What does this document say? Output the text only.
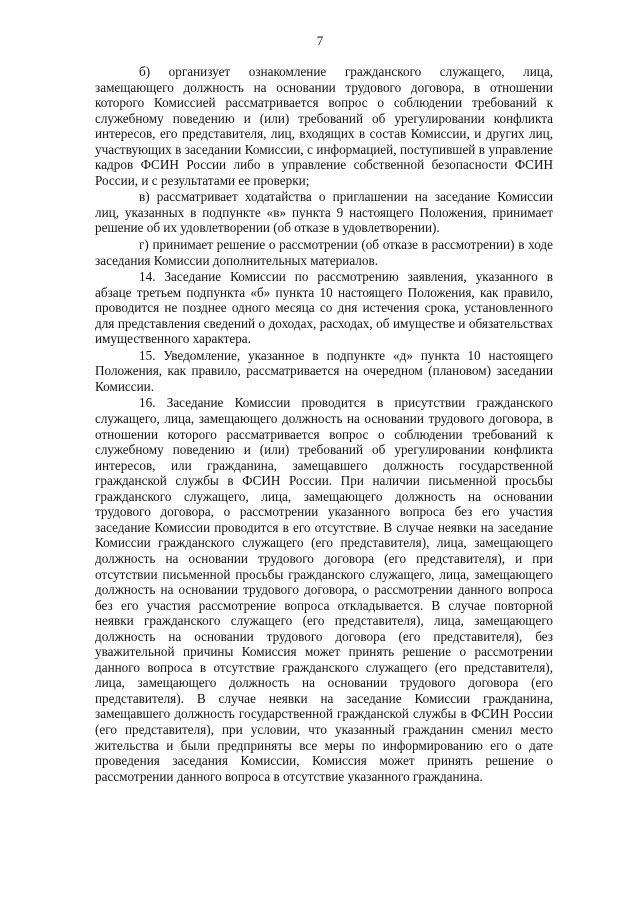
7

б) организует ознакомление гражданского служащего, лица, замещающего должность на основании трудового договора, в отношении которого Комиссией рассматривается вопрос о соблюдении требований к служебному поведению и (или) требований об урегулировании конфликта интересов, его представителя, лиц, входящих в состав Комиссии, и других лиц, участвующих в заседании Комиссии, с информацией, поступившей в управление кадров ФСИН России либо в управление собственной безопасности ФСИН России, и с результатами ее проверки;

в) рассматривает ходатайства о приглашении на заседание Комиссии лиц, указанных в подпункте «в» пункта 9 настоящего Положения, принимает решение об их удовлетворении (об отказе в удовлетворении).

г) принимает решение о рассмотрении (об отказе в рассмотрении) в ходе заседания Комиссии дополнительных материалов.

14. Заседание Комиссии по рассмотрению заявления, указанного в абзаце третьем подпункта «б» пункта 10 настоящего Положения, как правило, проводится не позднее одного месяца со дня истечения срока, установленного для представления сведений о доходах, расходах, об имуществе и обязательствах имущественного характера.

15. Уведомление, указанное в подпункте «д» пункта 10 настоящего Положения, как правило, рассматривается на очередном (плановом) заседании Комиссии.

16. Заседание Комиссии проводится в присутствии гражданского служащего, лица, замещающего должность на основании трудового договора, в отношении которого рассматривается вопрос о соблюдении требований к служебному поведению и (или) требований об урегулировании конфликта интересов, или гражданина, замещавшего должность государственной гражданской службы в ФСИН России. При наличии письменной просьбы гражданского служащего, лица, замещающего должность на основании трудового договора, о рассмотрении указанного вопроса без его участия заседание Комиссии проводится в его отсутствие. В случае неявки на заседание Комиссии гражданского служащего (его представителя), лица, замещающего должность на основании трудового договора (его представителя), и при отсутствии письменной просьбы гражданского служащего, лица, замещающего должность на основании трудового договора, о рассмотрении данного вопроса без его участия рассмотрение вопроса откладывается. В случае повторной неявки гражданского служащего (его представителя), лица, замещающего должность на основании трудового договора (его представителя), без уважительной причины Комиссия может принять решение о рассмотрении данного вопроса в отсутствие гражданского служащего (его представителя), лица, замещающего должность на основании трудового договора (его представителя). В случае неявки на заседание Комиссии гражданина, замещавшего должность государственной гражданской службы в ФСИН России (его представителя), при условии, что указанный гражданин сменил место жительства и были предприняты все меры по информированию его о дате проведения заседания Комиссии, Комиссия может принять решение о рассмотрении данного вопроса в отсутствие указанного гражданина.
